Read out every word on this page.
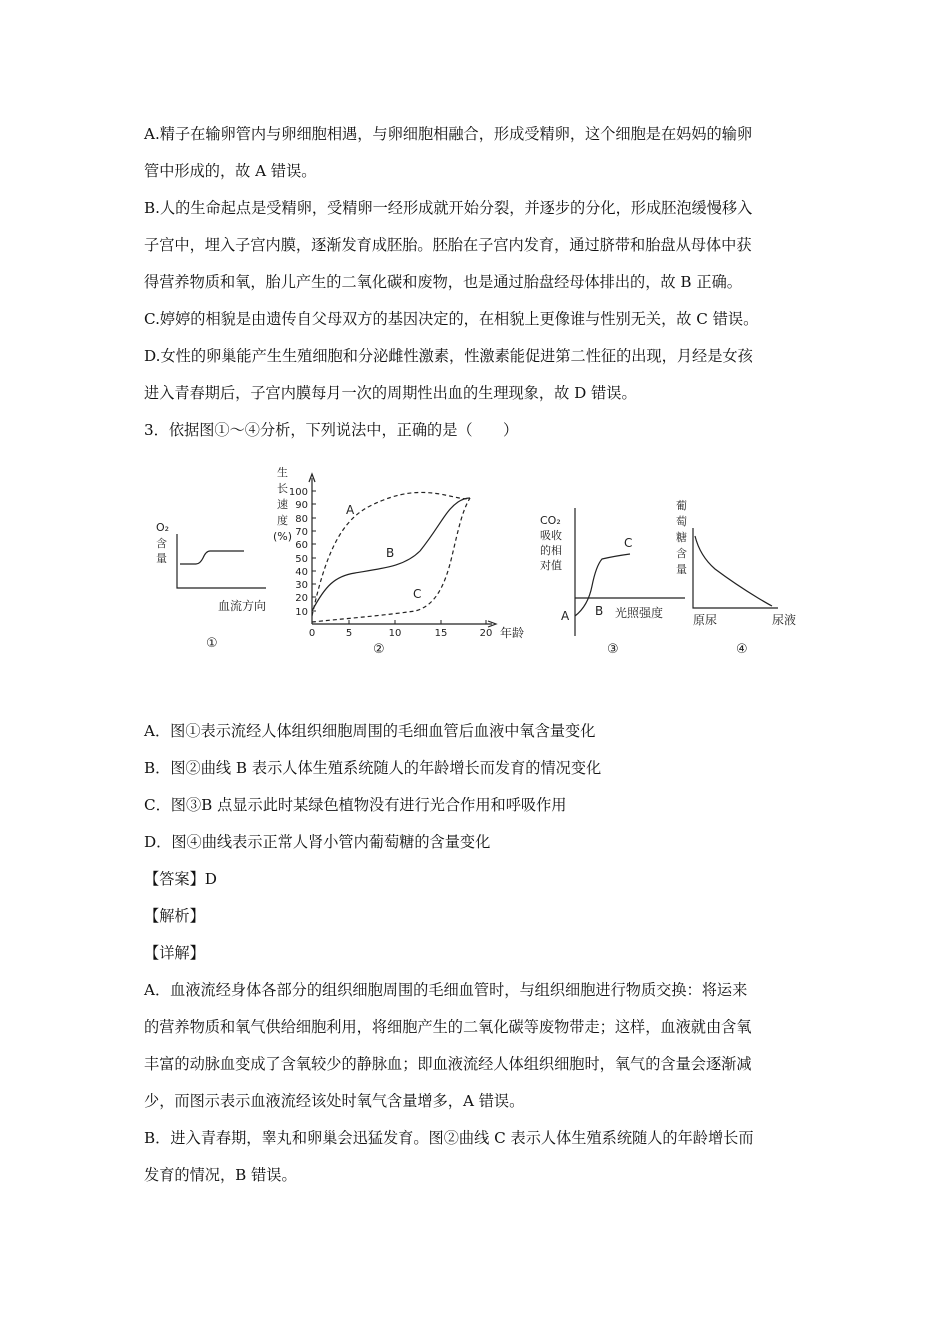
A.精子在输卵管内与卵细胞相遇，与卵细胞相融合，形成受精卵，这个细胞是在妈妈的输卵
管中形成的，故 A 错误。
B.人的生命起点是受精卵，受精卵一经形成就开始分裂，并逐步的分化，形成胚泡缓慢移入
子宫中，埋入子宫内膜，逐渐发育成胚胎。胚胎在子宫内发育，通过脐带和胎盘从母体中获
得营养物质和氧，胎儿产生的二氧化碳和废物，也是通过胎盘经母体排出的，故 B 正确。
C.婷婷的相貌是由遗传自父母双方的基因决定的，在相貌上更像谁与性别无关，故 C 错误。
D.女性的卵巢能产生生殖细胞和分泌雌性激素，性激素能促进第二性征的出现，月经是女孩
进入青春期后，子宫内膜每月一次的周期性出血的生理现象，故 D 错误。
3．依据图①～④分析，下列说法中，正确的是（　　）
O₂
含量
血流方向
①
生 长 速 度 (%)
100
90
80
70
60
50
40
30
20
10
0	5	10	15	20 年龄
A
B
C
②
CO₂ 吸收 的相 对值
A B
C
光照强度
③
葡 萄 糖 含 量
原尿	尿液
④
A．图①表示流经人体组织细胞周围的毛细血管后血液中氧含量变化
B．图②曲线 B 表示人体生殖系统随人的年龄增长而发育的情况变化
C．图③B 点显示此时某绿色植物没有进行光合作用和呼吸作用
D．图④曲线表示正常人肾小管内葡萄糖的含量变化
【答案】D
【解析】
【详解】
A．血液流经身体各部分的组织细胞周围的毛细血管时，与组织细胞进行物质交换：将运来
的营养物质和氧气供给细胞利用，将细胞产生的二氧化碳等废物带走；这样，血液就由含氧
丰富的动脉血变成了含氧较少的静脉血；即血液流经人体组织细胞时，氧气的含量会逐渐减
少，而图示表示血液流经该处时氧气含量增多，A 错误。
B．进入青春期，睾丸和卵巢会迅猛发育。图②曲线 C 表示人体生殖系统随人的年龄增长而
发育的情况，B 错误。
